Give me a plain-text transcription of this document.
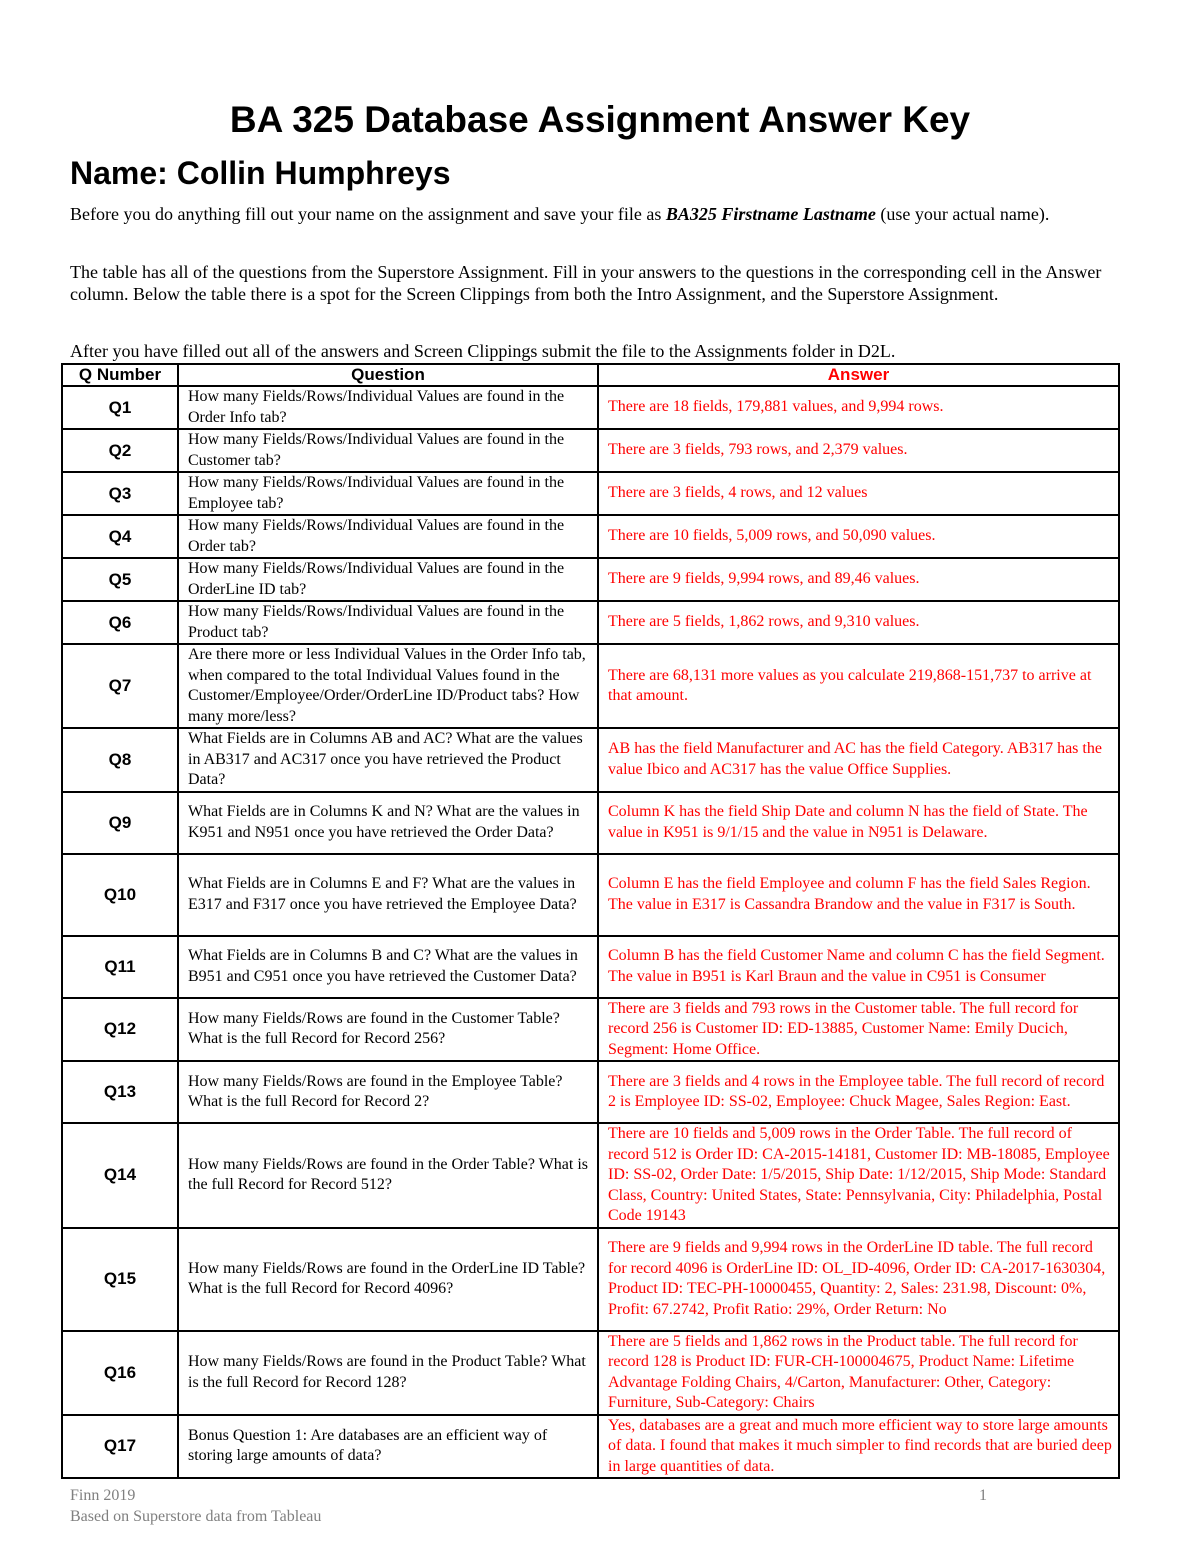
BA 325 Database Assignment Answer Key
Name: Collin Humphreys
Before you do anything fill out your name on the assignment and save your file as BA325 Firstname Lastname (use your actual name).
The table has all of the questions from the Superstore Assignment. Fill in your answers to the questions in the corresponding cell in the Answer column. Below the table there is a spot for the Screen Clippings from both the Intro Assignment, and the Superstore Assignment.
After you have filled out all of the answers and Screen Clippings submit the file to the Assignments folder in D2L.
Q Number	Question	Answer
Q1	How many Fields/Rows/Individual Values are found in the Order Info tab?	There are 18 fields, 179,881 values, and 9,994 rows.
Q2	How many Fields/Rows/Individual Values are found in the Customer tab?	There are 3 fields, 793 rows, and 2,379 values.
Q3	How many Fields/Rows/Individual Values are found in the Employee tab?	There are 3 fields, 4 rows, and 12 values
Q4	How many Fields/Rows/Individual Values are found in the Order tab?	There are 10 fields, 5,009 rows, and 50,090 values.
Q5	How many Fields/Rows/Individual Values are found in the OrderLine ID tab?	There are 9 fields, 9,994 rows, and 89,46 values.
Q6	How many Fields/Rows/Individual Values are found in the Product tab?	There are 5 fields, 1,862 rows, and 9,310 values.
Q7	Are there more or less Individual Values in the Order Info tab, when compared to the total Individual Values found in the Customer/Employee/Order/OrderLine ID/Product tabs? How many more/less?	There are 68,131 more values as you calculate 219,868-151,737 to arrive at that amount.
Q8	What Fields are in Columns AB and AC? What are the values in AB317 and AC317 once you have retrieved the Product Data?	AB has the field Manufacturer and AC has the field Category. AB317 has the value Ibico and AC317 has the value Office Supplies.
Q9	What Fields are in Columns K and N? What are the values in K951 and N951 once you have retrieved the Order Data?	Column K has the field Ship Date and column N has the field of State. The value in K951 is 9/1/15 and the value in N951 is Delaware.
Q10	What Fields are in Columns E and F? What are the values in E317 and F317 once you have retrieved the Employee Data?	Column E has the field Employee and column F has the field Sales Region. The value in E317 is Cassandra Brandow and the value in F317 is South.
Q11	What Fields are in Columns B and C? What are the values in B951 and C951 once you have retrieved the Customer Data?	Column B has the field Customer Name and column C has the field Segment. The value in B951 is Karl Braun and the value in C951 is Consumer
Q12	How many Fields/Rows are found in the Customer Table? What is the full Record for Record 256?	There are 3 fields and 793 rows in the Customer table. The full record for record 256 is Customer ID: ED-13885, Customer Name: Emily Ducich, Segment: Home Office.
Q13	How many Fields/Rows are found in the Employee Table? What is the full Record for Record 2?	There are 3 fields and 4 rows in the Employee table. The full record of record 2 is Employee ID: SS-02, Employee: Chuck Magee, Sales Region: East.
Q14	How many Fields/Rows are found in the Order Table? What is the full Record for Record 512?	There are 10 fields and 5,009 rows in the Order Table. The full record of record 512 is Order ID: CA-2015-14181, Customer ID: MB-18085, Employee ID: SS-02, Order Date: 1/5/2015, Ship Date: 1/12/2015, Ship Mode: Standard Class, Country: United States, State: Pennsylvania, City: Philadelphia, Postal Code 19143
Q15	How many Fields/Rows are found in the OrderLine ID Table? What is the full Record for Record 4096?	There are 9 fields and 9,994 rows in the OrderLine ID table. The full record for record 4096 is OrderLine ID: OL_ID-4096, Order ID: CA-2017-1630304, Product ID: TEC-PH-10000455, Quantity: 2, Sales: 231.98, Discount: 0%, Profit: 67.2742, Profit Ratio: 29%, Order Return: No
Q16	How many Fields/Rows are found in the Product Table? What is the full Record for Record 128?	There are 5 fields and 1,862 rows in the Product table. The full record for record 128 is Product ID: FUR-CH-100004675, Product Name: Lifetime Advantage Folding Chairs, 4/Carton, Manufacturer: Other, Category: Furniture, Sub-Category: Chairs
Q17	Bonus Question 1: Are databases are an efficient way of storing large amounts of data?	Yes, databases are a great and much more efficient way to store large amounts of data. I found that makes it much simpler to find records that are buried deep in large quantities of data.
Finn 2019
Based on Superstore data from Tableau
1
